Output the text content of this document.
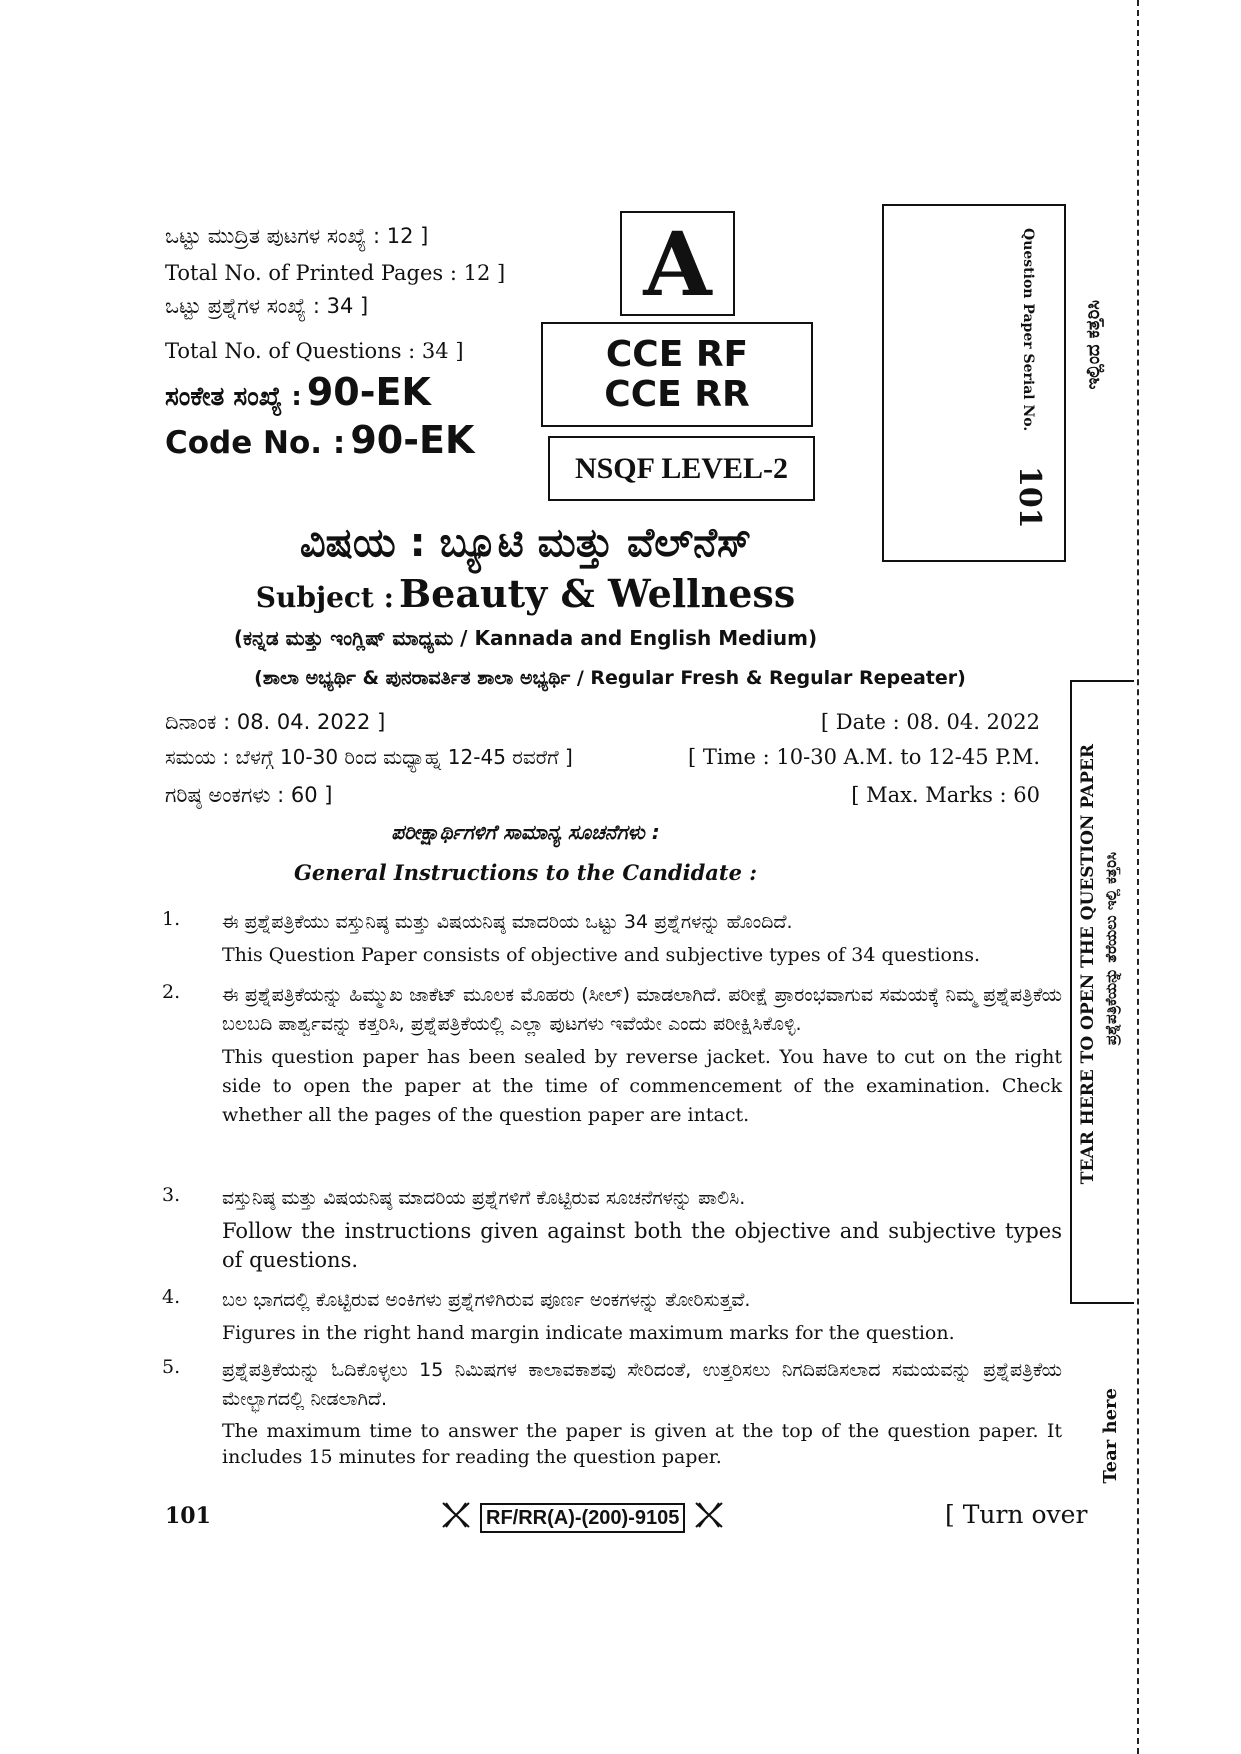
ಒಟ್ಟು ಮುದ್ರಿತ ಪುಟಗಳ ಸಂಖ್ಯೆ : 12 ]
Total No. of Printed Pages : 12 ]
ಒಟ್ಟು ಪ್ರಶ್ನೆಗಳ ಸಂಖ್ಯೆ : 34 ]
Total No. of Questions : 34 ]
ಸಂಕೇತ ಸಂಖ್ಯೆ : 90-EK
Code No. : 90-EK
A
CCE RF
CCE RR
NSQF LEVEL-2
Question Paper Serial No.
101
ಇಲ್ಲಿಂದ ಕತ್ತರಿಸಿ
TEAR HERE TO OPEN THE QUESTION PAPER ಪ್ರಶ್ನೆಪತ್ರಿಕೆಯನ್ನು ತೆರೆಯಲು ಇಲ್ಲಿ ಕತ್ತರಿಸಿ
Tear here
ವಿಷಯ : ಬ್ಯೂಟಿ ಮತ್ತು ವೆಲ್‌ನೆಸ್
Subject : Beauty & Wellness
(ಕನ್ನಡ ಮತ್ತು ಇಂಗ್ಲಿಷ್ ಮಾಧ್ಯಮ / Kannada and English Medium)
(ಶಾಲಾ ಅಭ್ಯರ್ಥಿ & ಪುನರಾವರ್ತಿತ ಶಾಲಾ ಅಭ್ಯರ್ಥಿ / Regular Fresh & Regular Repeater)
ದಿನಾಂಕ : 08. 04. 2022 ]	[ Date : 08. 04. 2022
ಸಮಯ : ಬೆಳಗ್ಗೆ 10-30 ರಿಂದ ಮಧ್ಯಾಹ್ನ 12-45 ರವರೆಗೆ ]	[ Time : 10-30 A.M. to 12-45 P.M.
ಗರಿಷ್ಠ ಅಂಕಗಳು : 60 ]	[ Max. Marks : 60
ಪರೀಕ್ಷಾರ್ಥಿಗಳಿಗೆ ಸಾಮಾನ್ಯ ಸೂಚನೆಗಳು :
General Instructions to the Candidate :
1.	ಈ ಪ್ರಶ್ನೆಪತ್ರಿಕೆಯು ವಸ್ತುನಿಷ್ಠ ಮತ್ತು ವಿಷಯನಿಷ್ಠ ಮಾದರಿಯ ಒಟ್ಟು 34 ಪ್ರಶ್ನೆಗಳನ್ನು ಹೊಂದಿದೆ.
This Question Paper consists of objective and subjective types of 34 questions.
2.	ಈ ಪ್ರಶ್ನೆಪತ್ರಿಕೆಯನ್ನು ಹಿಮ್ಮುಖ ಜಾಕೆಟ್ ಮೂಲಕ ಮೊಹರು (ಸೀಲ್) ಮಾಡಲಾಗಿದೆ. ಪರೀಕ್ಷೆ ಪ್ರಾರಂಭವಾಗುವ ಸಮಯಕ್ಕೆ ನಿಮ್ಮ ಪ್ರಶ್ನೆಪತ್ರಿಕೆಯ ಬಲಬದಿ ಪಾರ್ಶ್ವವನ್ನು ಕತ್ತರಿಸಿ, ಪ್ರಶ್ನೆಪತ್ರಿಕೆಯಲ್ಲಿ ಎಲ್ಲಾ ಪುಟಗಳು ಇವೆಯೇ ಎಂದು ಪರೀಕ್ಷಿಸಿಕೊಳ್ಳಿ.
This question paper has been sealed by reverse jacket. You have to cut on the right side to open the paper at the time of commencement of the examination. Check whether all the pages of the question paper are intact.
3.	ವಸ್ತುನಿಷ್ಠ ಮತ್ತು ವಿಷಯನಿಷ್ಠ ಮಾದರಿಯ ಪ್ರಶ್ನೆಗಳಿಗೆ ಕೊಟ್ಟಿರುವ ಸೂಚನೆಗಳನ್ನು ಪಾಲಿಸಿ.
Follow the instructions given against both the objective and subjective types of questions.
4.	ಬಲ ಭಾಗದಲ್ಲಿ ಕೊಟ್ಟಿರುವ ಅಂಕಿಗಳು ಪ್ರಶ್ನೆಗಳಿಗಿರುವ ಪೂರ್ಣ ಅಂಕಗಳನ್ನು ತೋರಿಸುತ್ತವೆ.
Figures in the right hand margin indicate maximum marks for the question.
5.	ಪ್ರಶ್ನೆಪತ್ರಿಕೆಯನ್ನು ಓದಿಕೊಳ್ಳಲು 15 ನಿಮಿಷಗಳ ಕಾಲಾವಕಾಶವು ಸೇರಿದಂತೆ, ಉತ್ತರಿಸಲು ನಿಗದಿಪಡಿಸಲಾದ ಸಮಯವನ್ನು ಪ್ರಶ್ನೆಪತ್ರಿಕೆಯ ಮೇಲ್ಭಾಗದಲ್ಲಿ ನೀಡಲಾಗಿದೆ.
The maximum time to answer the paper is given at the top of the question paper. It includes 15 minutes for reading the question paper.
101	RF/RR(A)-(200)-9105	[ Turn over
